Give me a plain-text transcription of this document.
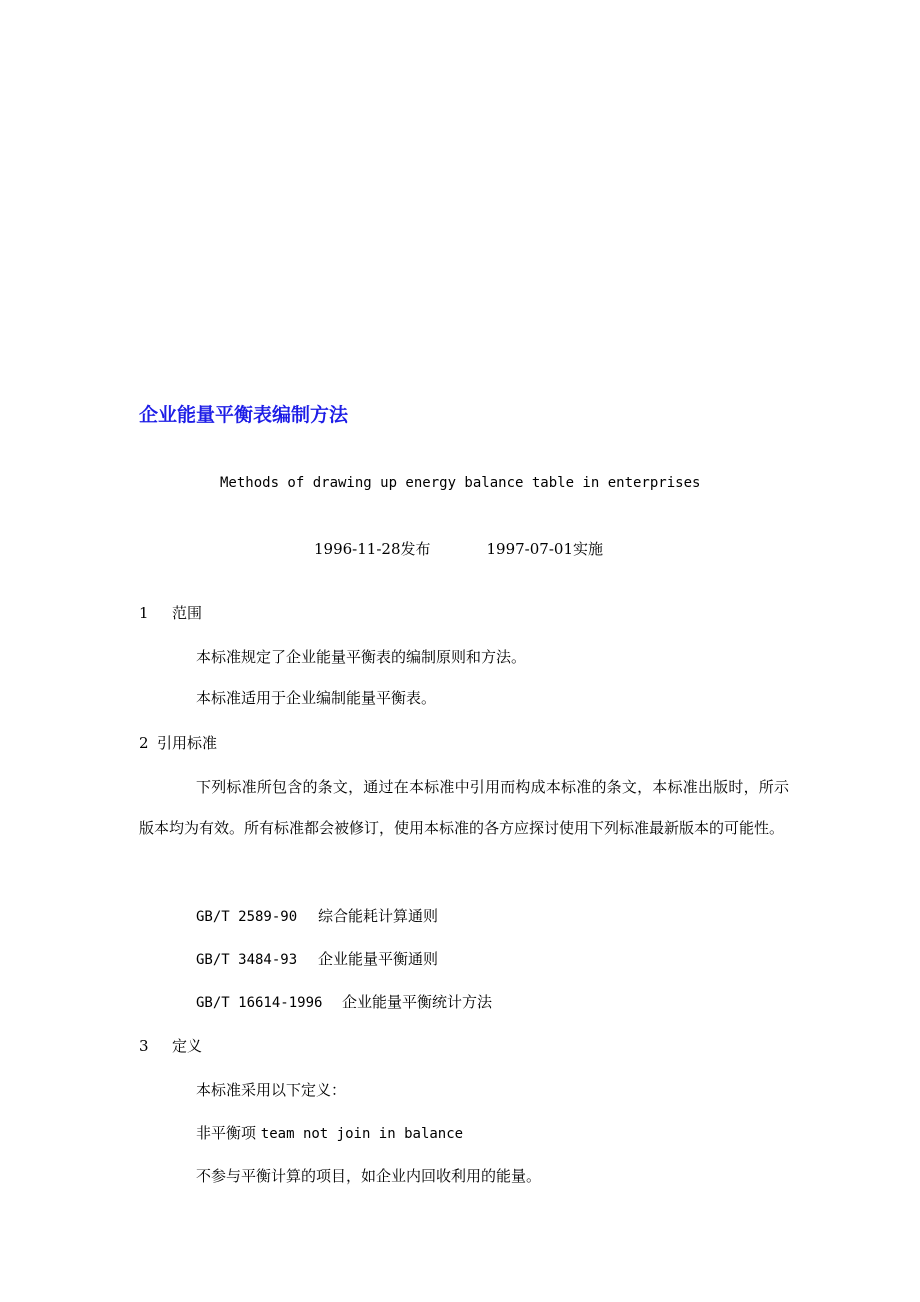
企业能量平衡表编制方法
Methods of drawing up energy balance table in enterprises
1996-11-28发布	1997-07-01实施
1 范围
本标准规定了企业能量平衡表的编制原则和方法。
本标准适用于企业编制能量平衡表。
2 引用标准
下列标准所包含的条文，通过在本标准中引用而构成本标准的条文，本标准出版时，所示版本均为有效。所有标准都会被修订，使用本标准的各方应探讨使用下列标准最新版本的可能性。
GB/T 2589-90 综合能耗计算通则
GB/T 3484-93 企业能量平衡通则
GB/T 16614-1996 企业能量平衡统计方法
3 定义
本标准采用以下定义：
非平衡项 team not join in balance
不参与平衡计算的项目，如企业内回收利用的能量。
